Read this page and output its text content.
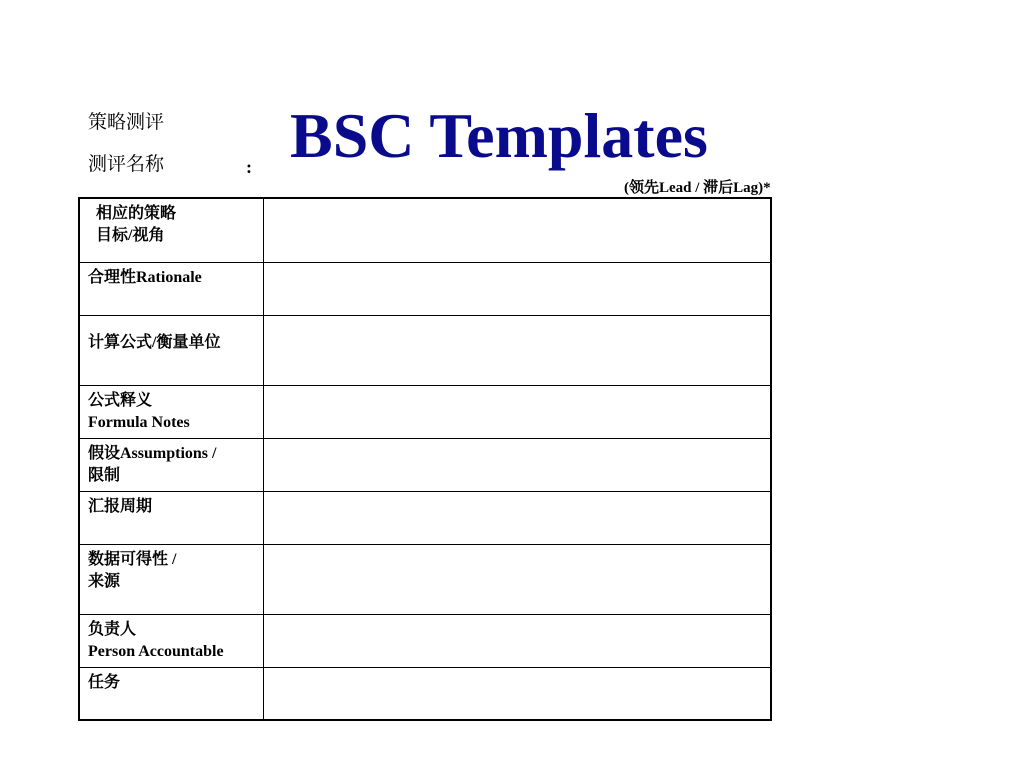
策略测评
测评名称	: BSC Templates
(领先Lead / 滞后Lag)*
相应的策略
目标/视角	

合理性Rationale	

计算公式/衡量单位	

公式释义
Formula Notes	

假设Assumptions /
限制	

汇报周期	

数据可得性 /
来源	

负责人
Person Accountable	

任务	
